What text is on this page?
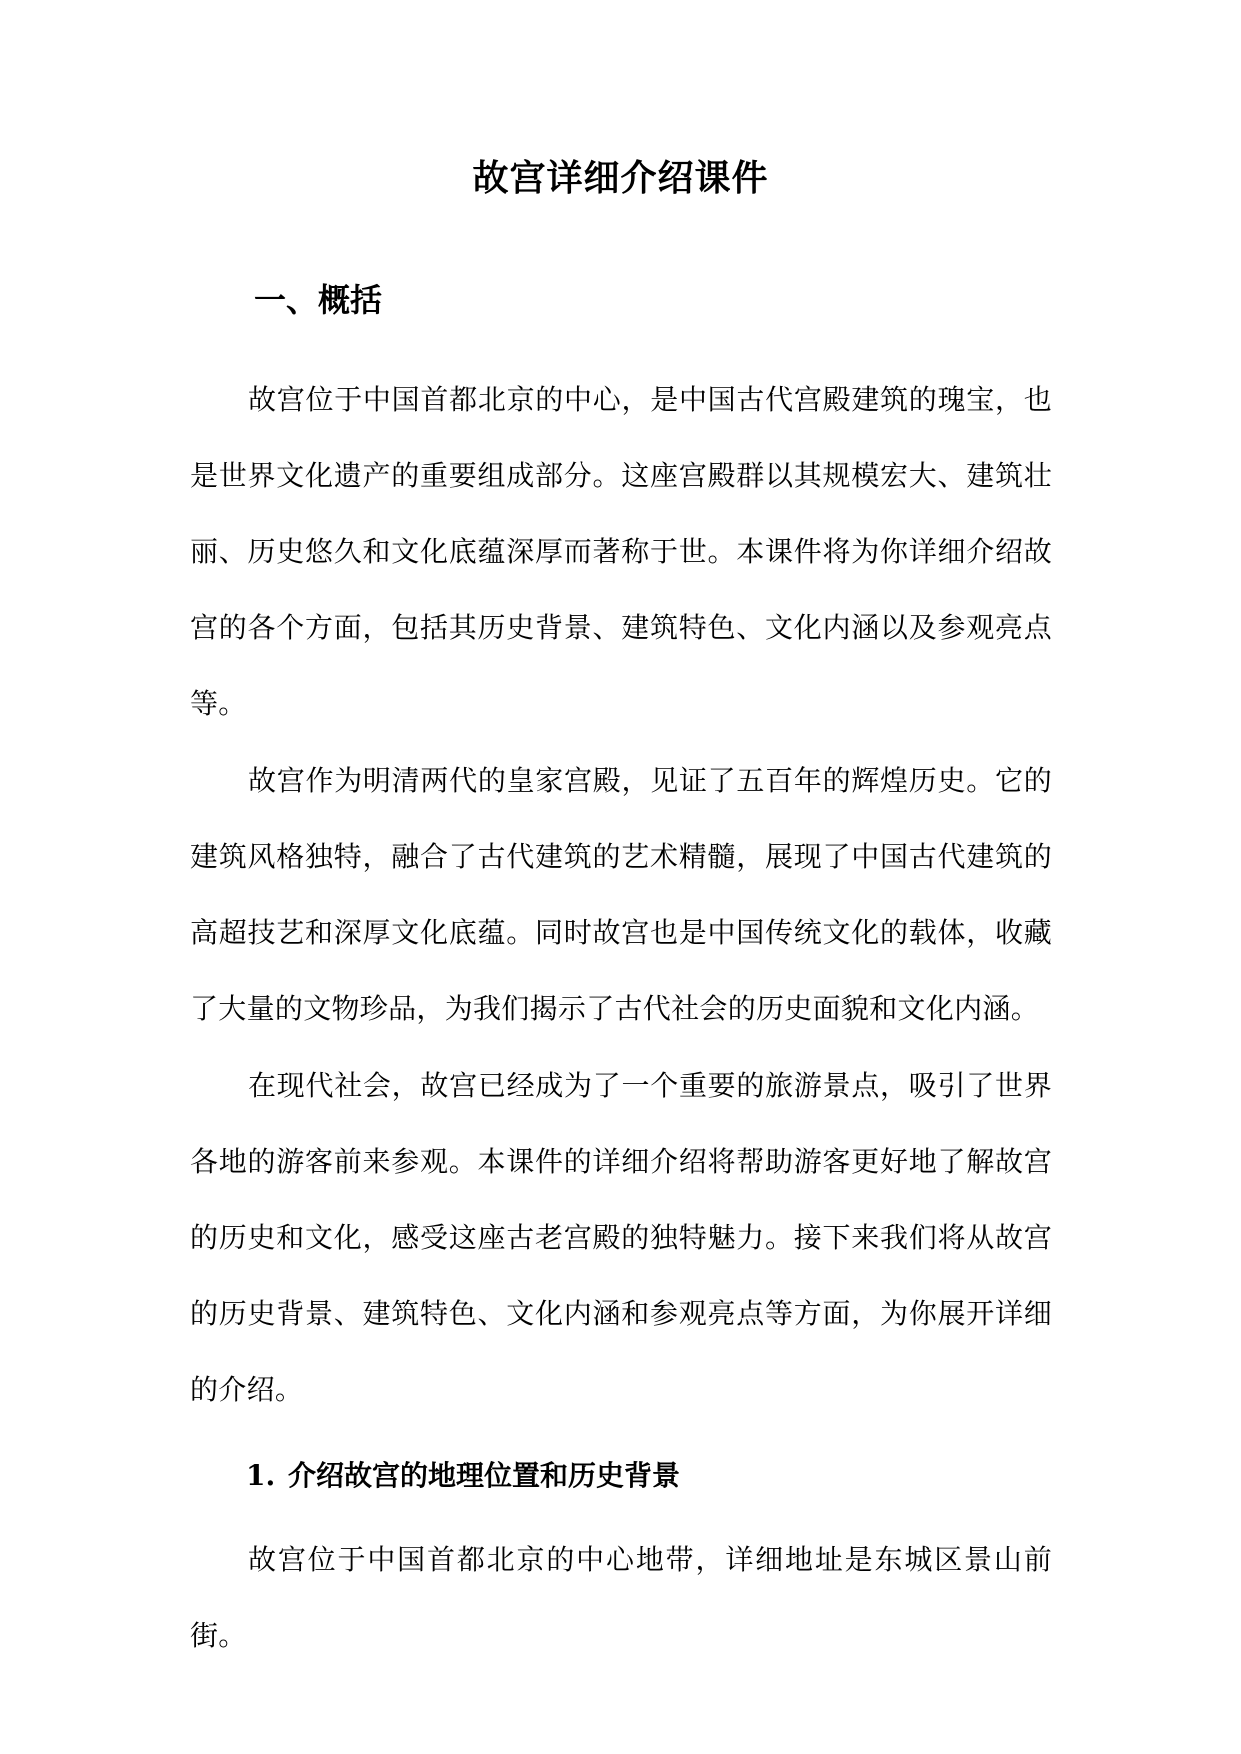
故宫详细介绍课件
一、概括

故宫位于中国首都北京的中心，是中国古代宫殿建筑的瑰宝，也是世界文化遗产的重要组成部分。这座宫殿群以其规模宏大、建筑壮丽、历史悠久和文化底蕴深厚而著称于世。本课件将为你详细介绍故宫的各个方面，包括其历史背景、建筑特色、文化内涵以及参观亮点等。

故宫作为明清两代的皇家宫殿，见证了五百年的辉煌历史。它的建筑风格独特，融合了古代建筑的艺术精髓，展现了中国古代建筑的高超技艺和深厚文化底蕴。同时故宫也是中国传统文化的载体，收藏了大量的文物珍品，为我们揭示了古代社会的历史面貌和文化内涵。

在现代社会，故宫已经成为了一个重要的旅游景点，吸引了世界各地的游客前来参观。本课件的详细介绍将帮助游客更好地了解故宫的历史和文化，感受这座古老宫殿的独特魅力。接下来我们将从故宫的历史背景、建筑特色、文化内涵和参观亮点等方面，为你展开详细的介绍。

1. 介绍故宫的地理位置和历史背景

故宫位于中国首都北京的中心地带，详细地址是东城区景山前街。
